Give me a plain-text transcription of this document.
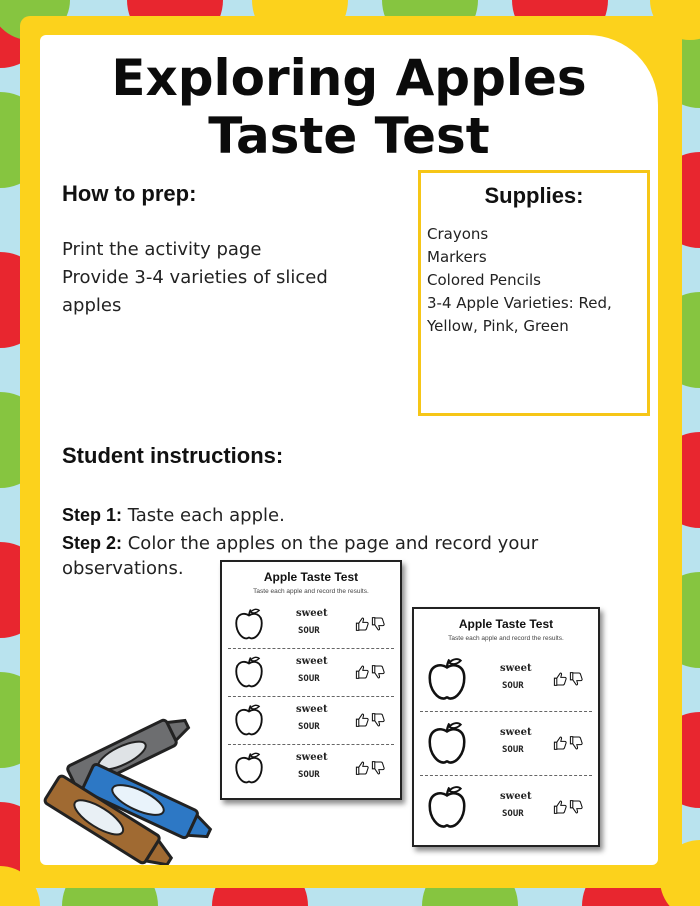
Exploring Apples
Taste Test
How to prep:
Print the activity page
Provide 3-4 varieties of sliced
apples
Supplies:
Crayons
Markers
Colored Pencils
3-4 Apple Varieties: Red,
Yellow, Pink, Green
Student instructions:
Step 1: Taste each apple.
Step 2: Color the apples on the page and record your
observations.	Apple Taste Test
Taste each apple and record the results.
sweet
SOUR
sweet
SOUR
sweet
SOUR
sweet
SOUR
Apple Taste Test
Taste each apple and record the results.
sweet
SOUR
sweet
SOUR
sweet
SOUR
